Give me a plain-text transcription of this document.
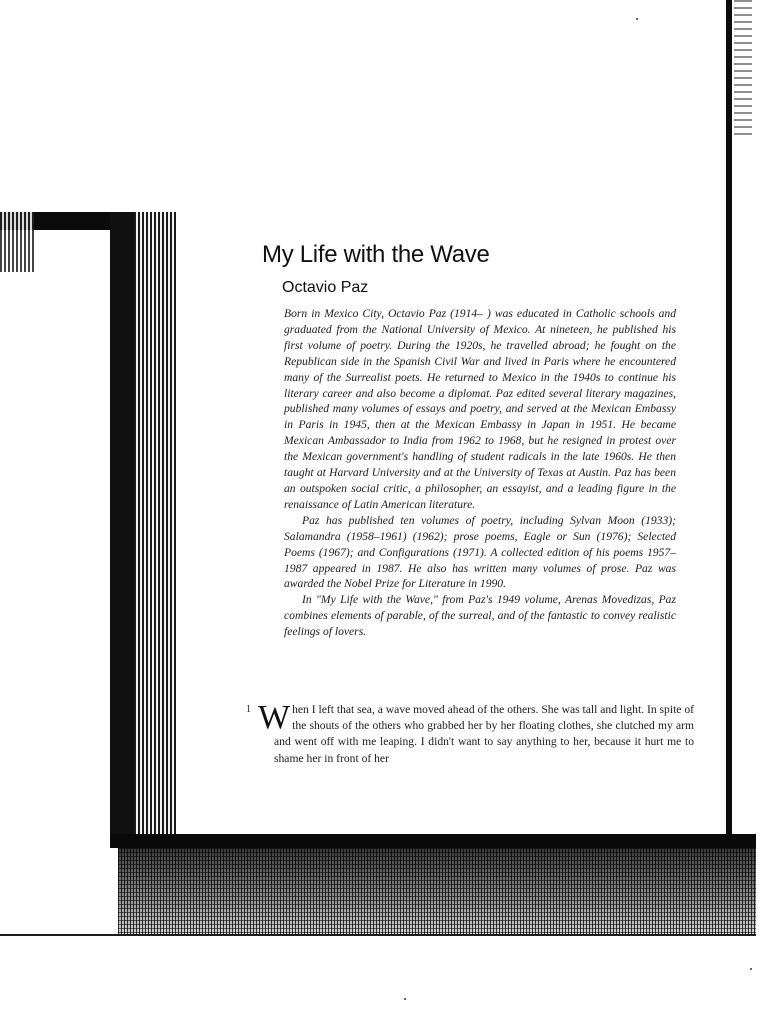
My Life with the Wave
Octavio Paz

Born in Mexico City, Octavio Paz (1914– ) was educated in Catholic schools and graduated from the National University of Mexico. At nineteen, he published his first volume of poetry. During the 1920s, he travelled abroad; he fought on the Republican side in the Spanish Civil War and lived in Paris where he encountered many of the Surrealist poets. He returned to Mexico in the 1940s to continue his literary career and also become a diplomat. Paz edited several literary magazines, published many volumes of essays and poetry, and served at the Mexican Embassy in Paris in 1945, then at the Mexican Embassy in Japan in 1951. He became Mexican Ambassador to India from 1962 to 1968, but he resigned in protest over the Mexican government's handling of student radicals in the late 1960s. He then taught at Harvard University and at the University of Texas at Austin. Paz has been an outspoken social critic, a philosopher, an essayist, and a leading figure in the renaissance of Latin American literature.

Paz has published ten volumes of poetry, including Sylvan Moon (1933); Salamandra (1958–1961) (1962); prose poems, Eagle or Sun (1976); Selected Poems (1967); and Configurations (1971). A collected edition of his poems 1957–1987 appeared in 1987. He also has written many volumes of prose. Paz was awarded the Nobel Prize for Literature in 1990.

In "My Life with the Wave," from Paz's 1949 volume, Arenas Movedizas, Paz combines elements of parable, of the surreal, and of the fantastic to convey realistic feelings of lovers.

1 When I left that sea, a wave moved ahead of the others. She was tall and light. In spite of the shouts of the others who grabbed her by her floating clothes, she clutched my arm and went off with me leaping. I didn't want to say anything to her, because it hurt me to shame her in front of her
